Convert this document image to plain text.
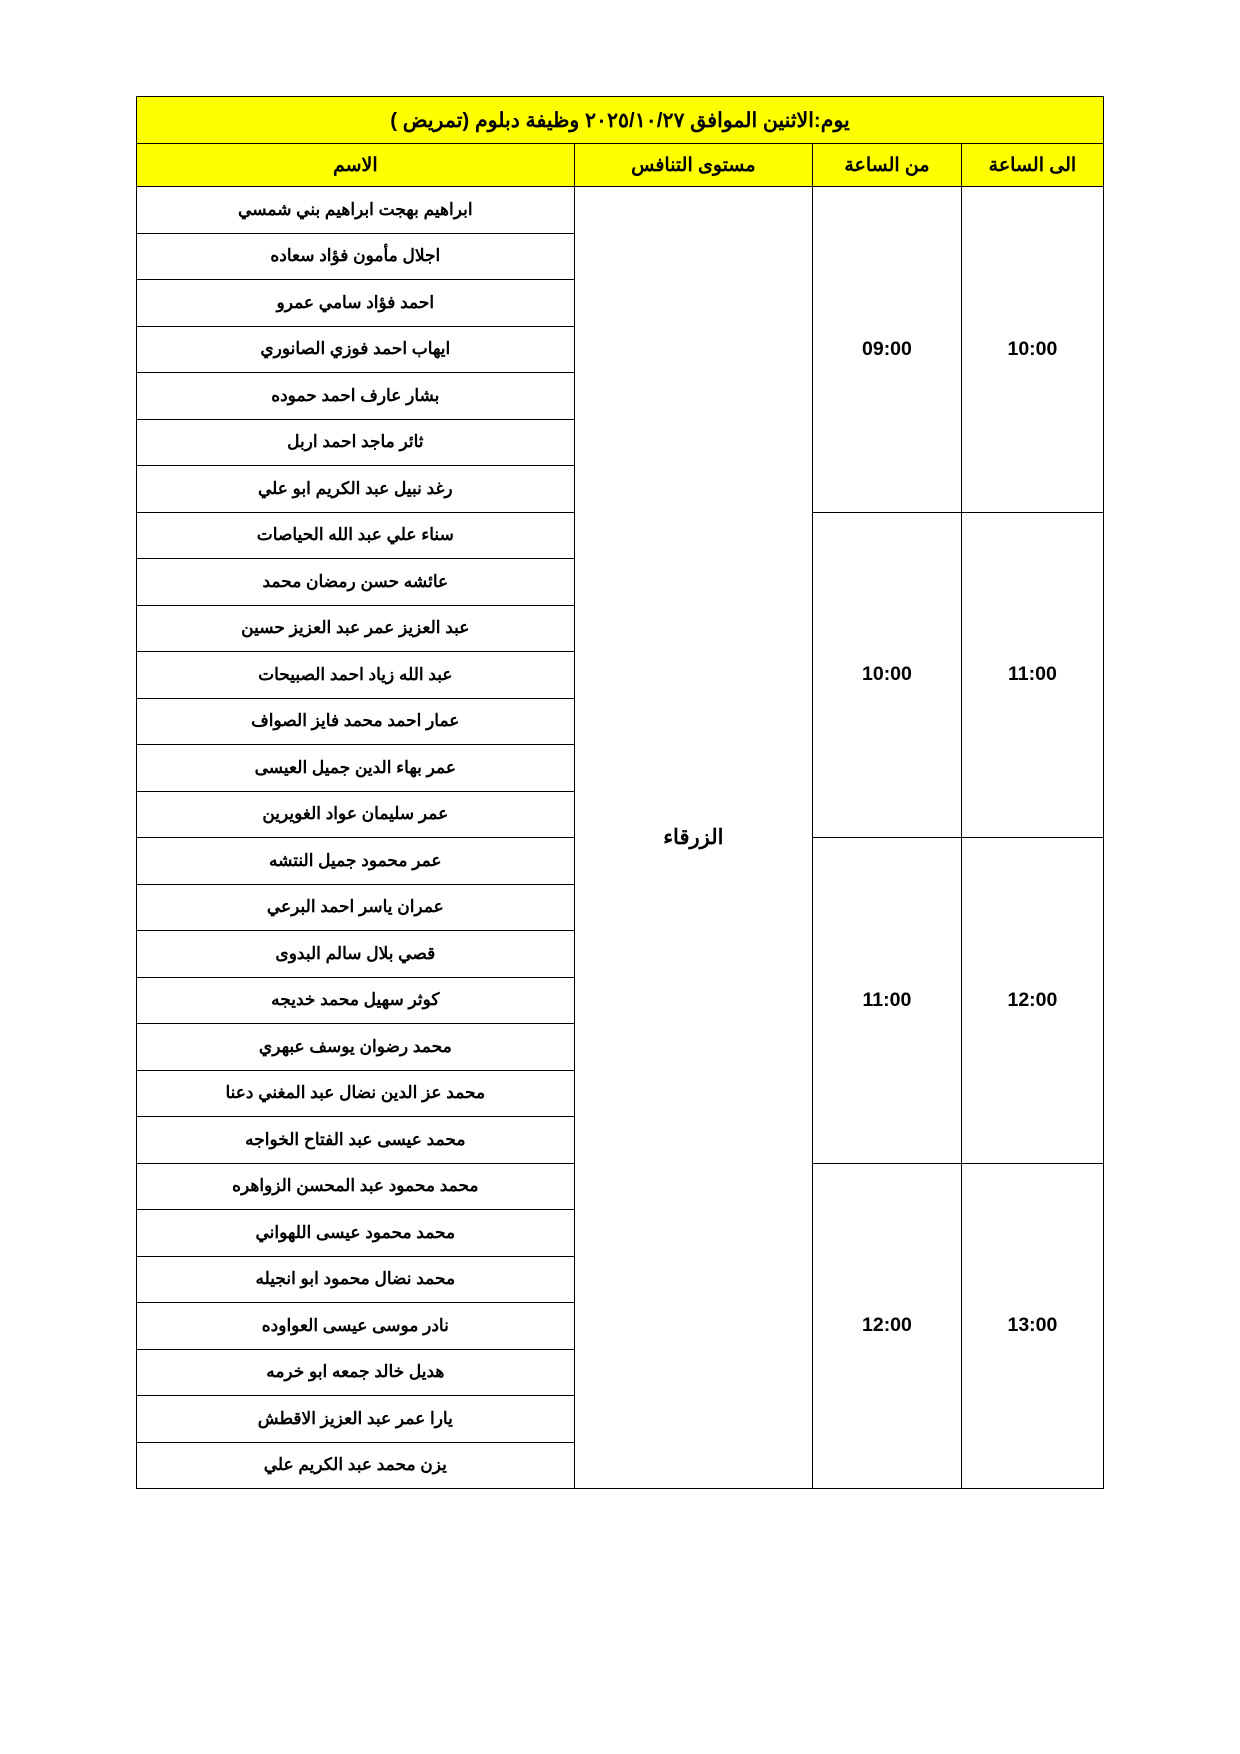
يوم:الاثنين الموافق ٢٠٢٥/١٠/٢٧ وظيفة دبلوم (تمريض )			
الى الساعة	من الساعة	مستوى التنافس	الاسم
10:00	09:00	الزرقاء	ابراهيم بهجت ابراهيم بني شمسي
			اجلال مأمون فؤاد سعاده
			احمد فؤاد سامي عمرو
			ايهاب احمد فوزي الصانوري
			بشار عارف احمد حموده
			ثائر ماجد احمد اربل
			رغد نبيل عبد الكريم ابو علي
11:00	10:00		سناء علي عبد الله الحياصات
			عائشه حسن رمضان محمد
			عبد العزيز عمر عبد العزيز حسين
			عبد الله زياد احمد الصبيحات
			عمار احمد محمد فايز الصواف
			عمر بهاء الدين جميل العيسى
			عمر سليمان عواد الغويرين
12:00	11:00		عمر محمود جميل النتشه
			عمران ياسر احمد البرعي
			قصي بلال سالم البدوى
			كوثر سهيل محمد خديجه
			محمد رضوان يوسف عبهري
			محمد عز الدين نضال عبد المغني دعنا
			محمد عيسى عبد الفتاح الخواجه
13:00	12:00		محمد محمود عبد المحسن الزواهره
			محمد محمود عيسى اللهواني
			محمد نضال محمود ابو انجيله
			نادر موسى عيسى العواوده
			هديل خالد جمعه ابو خرمه
			يارا عمر عبد العزيز الاقطش
			يزن محمد عبد الكريم علي
